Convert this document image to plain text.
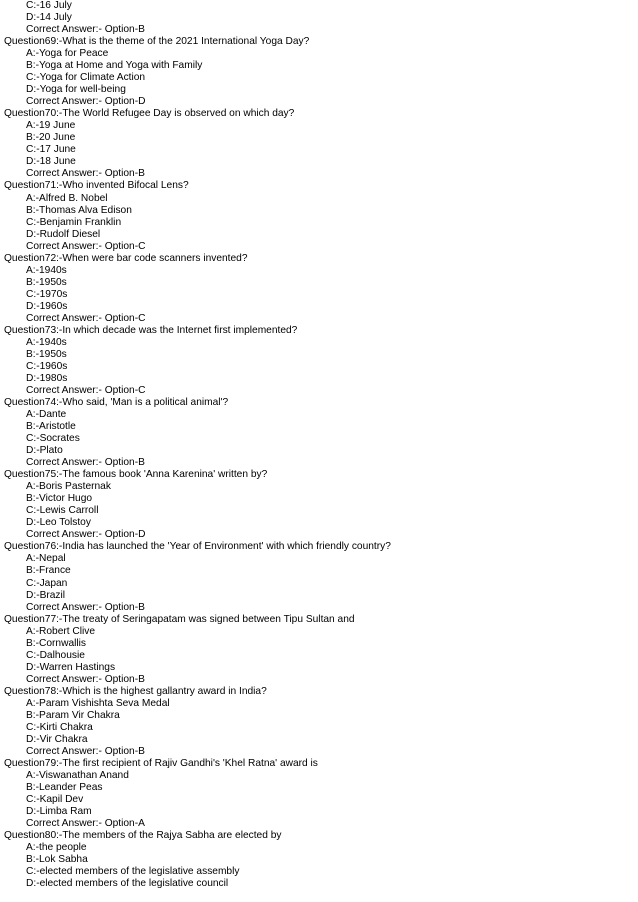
C:-16 July
D:-14 July
Correct Answer:- Option-B
Question69:-What is the theme of the 2021 International Yoga Day?
A:-Yoga for Peace
B:-Yoga at Home and Yoga with Family
C:-Yoga for Climate Action
D:-Yoga for well-being
Correct Answer:- Option-D
Question70:-The World Refugee Day is observed on which day?
A:-19 June
B:-20 June
C:-17 June
D:-18 June
Correct Answer:- Option-B
Question71:-Who invented Bifocal Lens?
A:-Alfred B. Nobel
B:-Thomas Alva Edison
C:-Benjamin Franklin
D:-Rudolf Diesel
Correct Answer:- Option-C
Question72:-When were bar code scanners invented?
A:-1940s
B:-1950s
C:-1970s
D:-1960s
Correct Answer:- Option-C
Question73:-In which decade was the Internet first implemented?
A:-1940s
B:-1950s
C:-1960s
D:-1980s
Correct Answer:- Option-C
Question74:-Who said, 'Man is a political animal'?
A:-Dante
B:-Aristotle
C:-Socrates
D:-Plato
Correct Answer:- Option-B
Question75:-The famous book 'Anna Karenina' written by?
A:-Boris Pasternak
B:-Victor Hugo
C:-Lewis Carroll
D:-Leo Tolstoy
Correct Answer:- Option-D
Question76:-India has launched the 'Year of Environment' with which friendly country?
A:-Nepal
B:-France
C:-Japan
D:-Brazil
Correct Answer:- Option-B
Question77:-The treaty of Seringapatam was signed between Tipu Sultan and
A:-Robert Clive
B:-Cornwallis
C:-Dalhousie
D:-Warren Hastings
Correct Answer:- Option-B
Question78:-Which is the highest gallantry award in India?
A:-Param Vishishta Seva Medal
B:-Param Vir Chakra
C:-Kirti Chakra
D:-Vir Chakra
Correct Answer:- Option-B
Question79:-The first recipient of Rajiv Gandhi's 'Khel Ratna' award is
A:-Viswanathan Anand
B:-Leander Peas
C:-Kapil Dev
D:-Limba Ram
Correct Answer:- Option-A
Question80:-The members of the Rajya Sabha are elected by
A:-the people
B:-Lok Sabha
C:-elected members of the legislative assembly
D:-elected members of the legislative council
